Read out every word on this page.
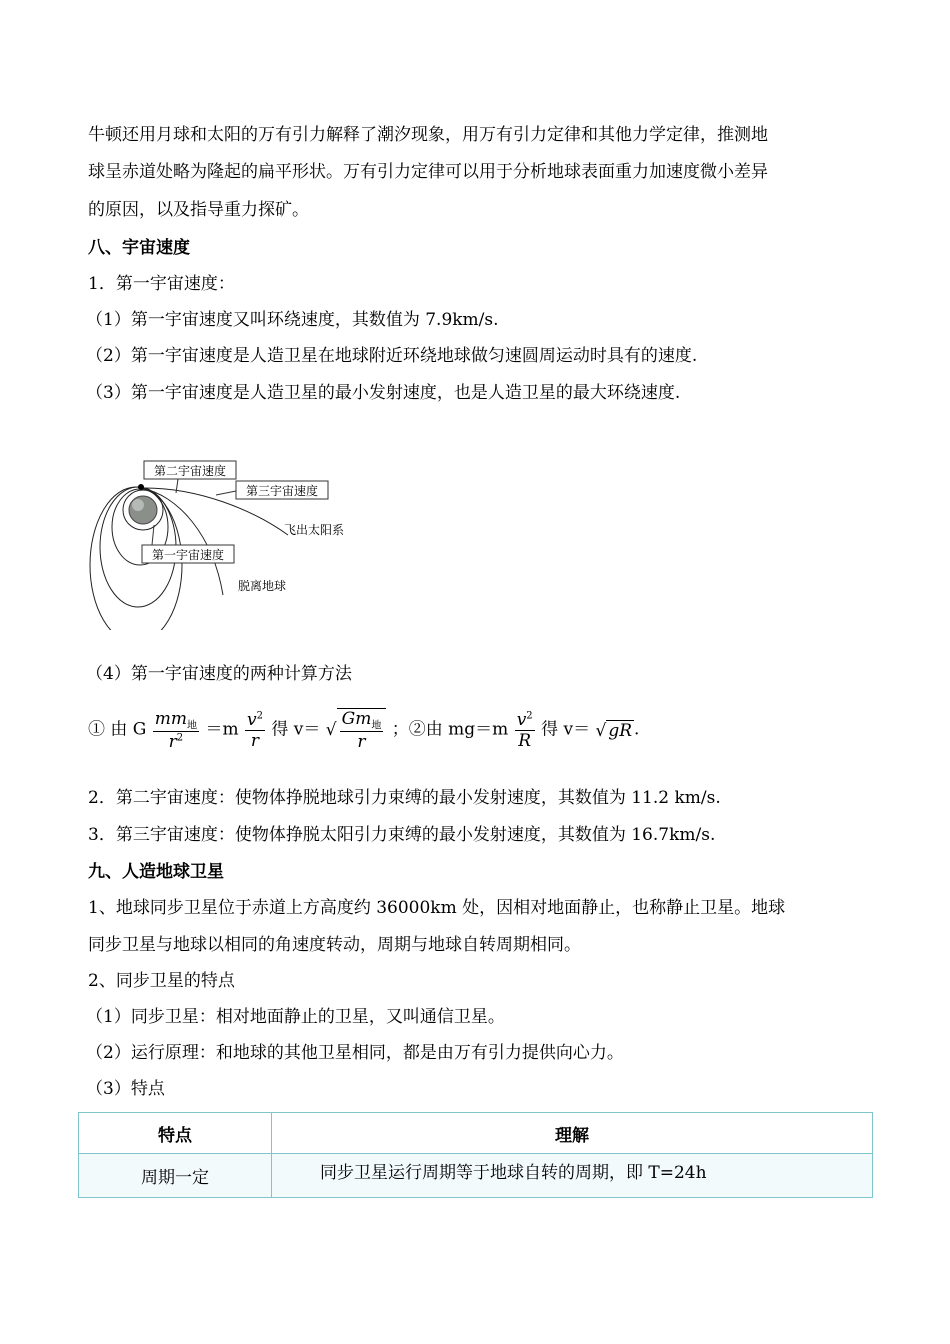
牛顿还用月球和太阳的万有引力解释了潮汐现象，用万有引力定律和其他力学定律，推测地
球呈赤道处略为隆起的扁平形状。万有引力定律可以用于分析地球表面重力加速度微小差异
的原因，以及指导重力探矿。
八、宇宙速度
1．第一宇宙速度：
（1）第一宇宙速度又叫环绕速度，其数值为 7.9km/s.
（2）第一宇宙速度是人造卫星在地球附近环绕地球做匀速圆周运动时具有的速度.
（3）第一宇宙速度是人造卫星的最小发射速度，也是人造卫星的最大环绕速度.
第二宇宙速度
第三宇宙速度
第一宇宙速度
飞出太阳系
脱离地球
（4）第一宇宙速度的两种计算方法
① 由 G $\frac{mm_地}{r^2} =m \frac{v^2}{r}$ 得 v＝ √ $\frac{Gm_地}{r}$ ；②由 $mg=m \frac{v^2}{R}$ 得 v＝ √ gR .
2．第二宇宙速度：使物体挣脱地球引力束缚的最小发射速度，其数值为 11.2 km/s.
3．第三宇宙速度：使物体挣脱太阳引力束缚的最小发射速度，其数值为 16.7km/s.
九、人造地球卫星
1、地球同步卫星位于赤道上方高度约 36000km 处，因相对地面静止，也称静止卫星。地球
同步卫星与地球以相同的角速度转动，周期与地球自转周期相同。
2、同步卫星的特点
（1）同步卫星：相对地面静止的卫星，又叫通信卫星。
（2）运行原理：和地球的其他卫星相同，都是由万有引力提供向心力。
（3）特点
特点	理解
周期一定	同步卫星运行周期等于地球自转的周期，即 T=24h
